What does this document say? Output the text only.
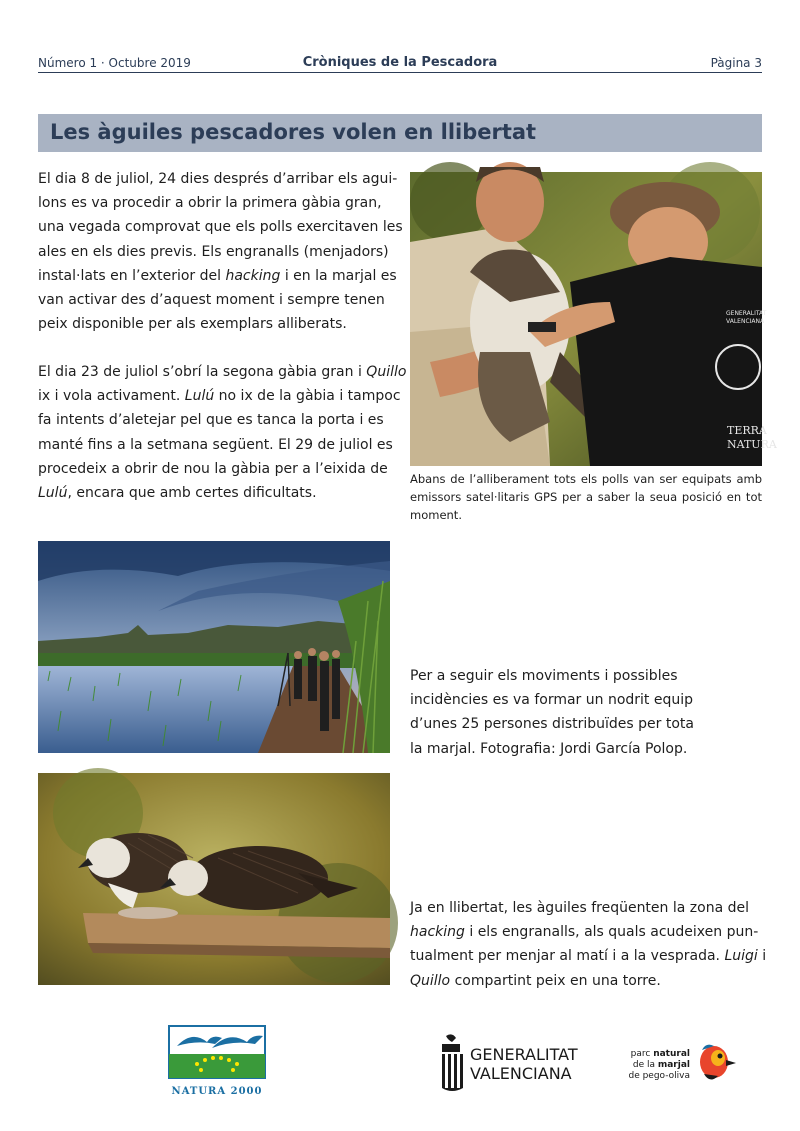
Número 1 · Octubre 2019	Cròniques de la Pescadora	Pàgina 3
Les àguiles pescadores volen en llibertat
El dia 8 de juliol, 24 dies després d’arribar els agui-
lons es va procedir a obrir la primera gàbia gran,
una vegada comprovat que els polls exercitaven les
ales en els dies previs. Els engranalls (menjadors)
instal·lats en l’exterior del hacking i en la marjal es
van activar des d’aquest moment i sempre tenen
peix disponible per als exemplars alliberats.
El dia 23 de juliol s’obrí la segona gàbia gran i Quillo
ix i vola activament. Lulú no ix de la gàbia i tampoc
fa intents d’aletejar pel que es tanca la porta i es
manté fins a la setmana següent. El 29 de juliol es
procedeix a obrir de nou la gàbia per a l’eixida de
Lulú, encara que amb certes dificultats.
GENERALITAT
VALENCIANA
TERRA
NATURA
Abans de l’alliberament tots els polls van ser equipats amb emissors satel·litaris GPS per a saber la seua posició en tot moment.
Per a seguir els moviments i possibles
incidències es va formar un nodrit equip
d’unes 25 persones distribuïdes per tota
la marjal. Fotografia: Jordi García Polop.
Ja en llibertat, les àguiles freqüenten la zona del
hacking i els engranalls, als quals acudeixen pun-
tualment per menjar al matí i a la vesprada. Luigi i
Quillo compartint peix en una torre.
NATURA 2000
GENERALITAT
VALENCIANA
parc natural
de la marjal
de pego-oliva
